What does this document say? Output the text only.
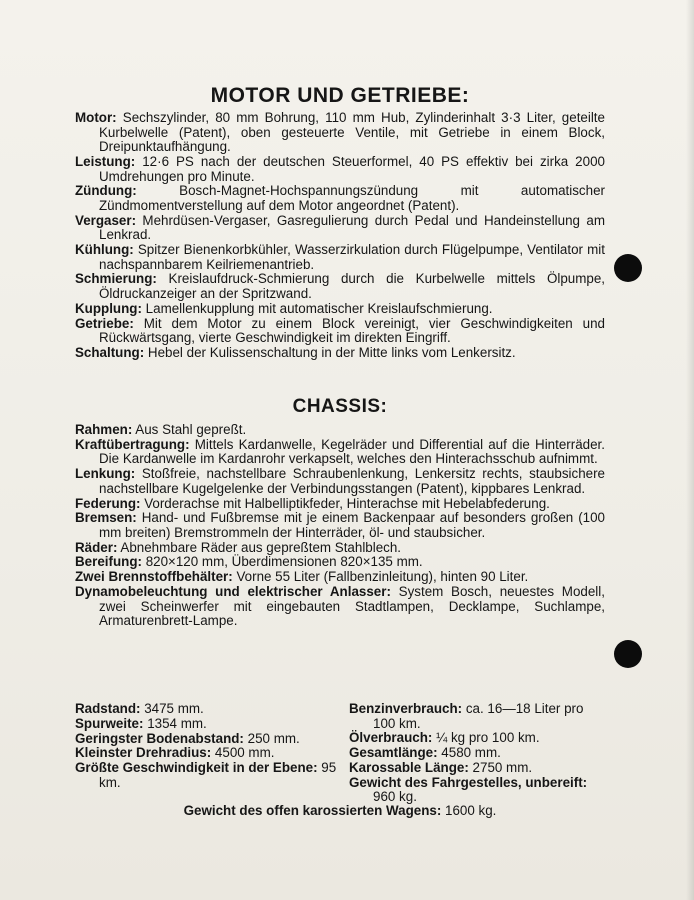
MOTOR UND GETRIEBE:

Motor: Sechszylinder, 80 mm Bohrung, 110 mm Hub, Zylinderinhalt 3·3 Liter, geteilte Kurbelwelle (Patent), oben gesteuerte Ventile, mit Getriebe in einem Block, Dreipunktaufhängung.

Leistung: 12·6 PS nach der deutschen Steuerformel, 40 PS effektiv bei zirka 2000 Umdrehungen pro Minute.

Zündung:	Bosch-Magnet-Hochspannungszündung mit automatischer Zündmomentverstellung auf dem Motor angeordnet (Patent).

Vergaser: Mehrdüsen-Vergaser, Gasregulierung durch Pedal und Handeinstellung am Lenkrad.

Kühlung: Spitzer Bienenkorbkühler, Wasserzirkulation durch Flügelpumpe, Ventilator mit nachspannbarem Keilriemenantrieb.

Schmierung: Kreislaufdruck-Schmierung durch die Kurbelwelle mittels Ölpumpe, Öldruckanzeiger an der Spritzwand.

Kupplung: Lamellenkupplung mit automatischer Kreislaufschmierung.

Getriebe: Mit dem Motor zu einem Block vereinigt, vier Geschwindigkeiten und Rückwärtsgang, vierte Geschwindigkeit im direkten Eingriff.

Schaltung: Hebel der Kulissenschaltung in der Mitte links vom Lenkersitz.

CHASSIS:

Rahmen: Aus Stahl gepreßt.

Kraftübertragung: Mittels Kardanwelle, Kegelräder und Differential auf die Hinterräder. Die Kardanwelle im Kardanrohr verkapselt, welches den Hinterachsschub aufnimmt.

Lenkung: Stoßfreie, nachstellbare Schraubenlenkung, Lenkersitz rechts, staubsichere nachstellbare Kugelgelenke der Verbindungsstangen (Patent), kippbares Lenkrad.

Federung: Vorderachse mit Halbelliptikfeder, Hinterachse mit Hebelabfederung.

Bremsen: Hand- und Fußbremse mit je einem Backenpaar auf besonders großen (100 mm breiten) Bremstrommeln der Hinterräder, öl- und staubsicher.

Räder: Abnehmbare Räder aus gepreßtem Stahlblech.

Bereifung: 820×120 mm, Überdimensionen 820×135 mm.

Zwei Brennstoffbehälter: Vorne 55 Liter (Fallbenzinleitung), hinten 90 Liter.

Dynamobeleuchtung und elektrischer Anlasser: System Bosch, neuestes Modell, zwei Scheinwerfer mit eingebauten Stadtlampen, Decklampe, Suchlampe, Armaturenbrett-Lampe.

Radstand: 3475 mm.

Spurweite: 1354 mm.

Geringster Bodenabstand: 250 mm.

Kleinster Drehradius: 4500 mm.

Größte Geschwindigkeit in der Ebene: 95 km.

Benzinverbrauch: ca. 16—18 Liter pro 100 km.

Ölverbrauch: ¼ kg pro 100 km.

Gesamtlänge: 4580 mm.

Karossable Länge: 2750 mm.

Gewicht des Fahrgestelles, unbereift: 960 kg.

Gewicht des offen karossierten Wagens: 1600 kg.
